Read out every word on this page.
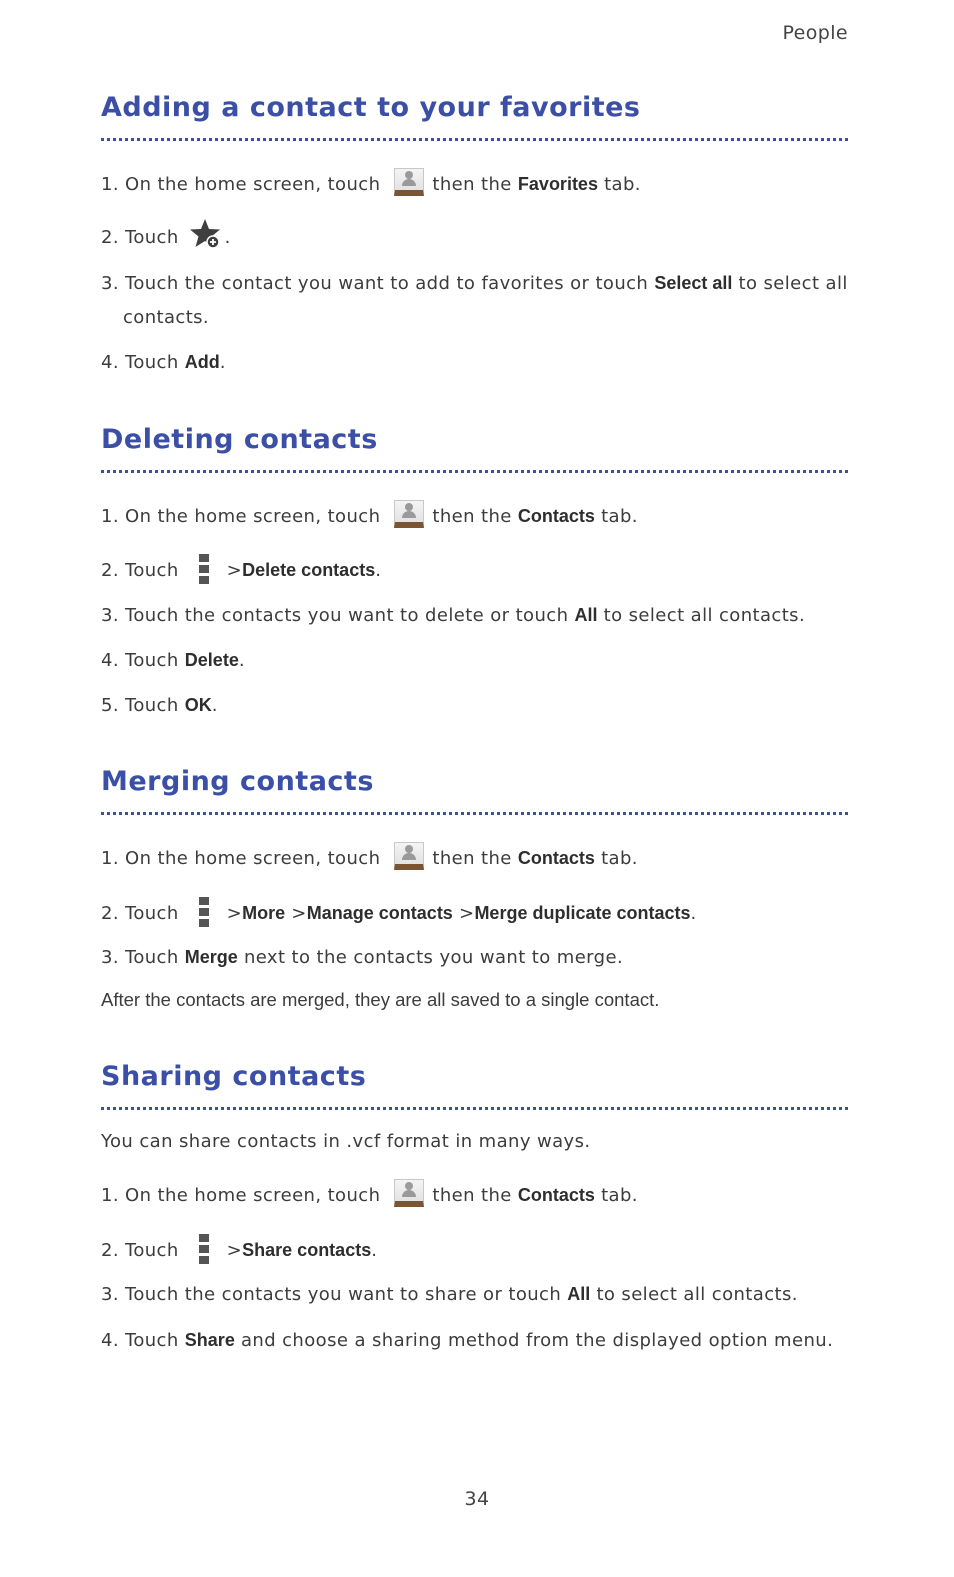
People
Adding a contact to your favorites
1. On the home screen, touch	then the Favorites tab.
2. Touch	.
3. Touch the contact you want to add to favorites or touch Select all to select all contacts.
4. Touch Add.
Deleting contacts
1. On the home screen, touch	then the Contacts tab.
2. Touch	>Delete contacts.
3. Touch the contacts you want to delete or touch All to select all contacts.
4. Touch Delete.
5. Touch OK.
Merging contacts
1. On the home screen, touch	then the Contacts tab.
2. Touch	>More >Manage contacts >Merge duplicate contacts.
3. Touch Merge next to the contacts you want to merge.
After the contacts are merged, they are all saved to a single contact.
Sharing contacts
You can share contacts in .vcf format in many ways.
1. On the home screen, touch	then the Contacts tab.
2. Touch	>Share contacts.
3. Touch the contacts you want to share or touch All to select all contacts.
4. Touch Share and choose a sharing method from the displayed option menu.
34
